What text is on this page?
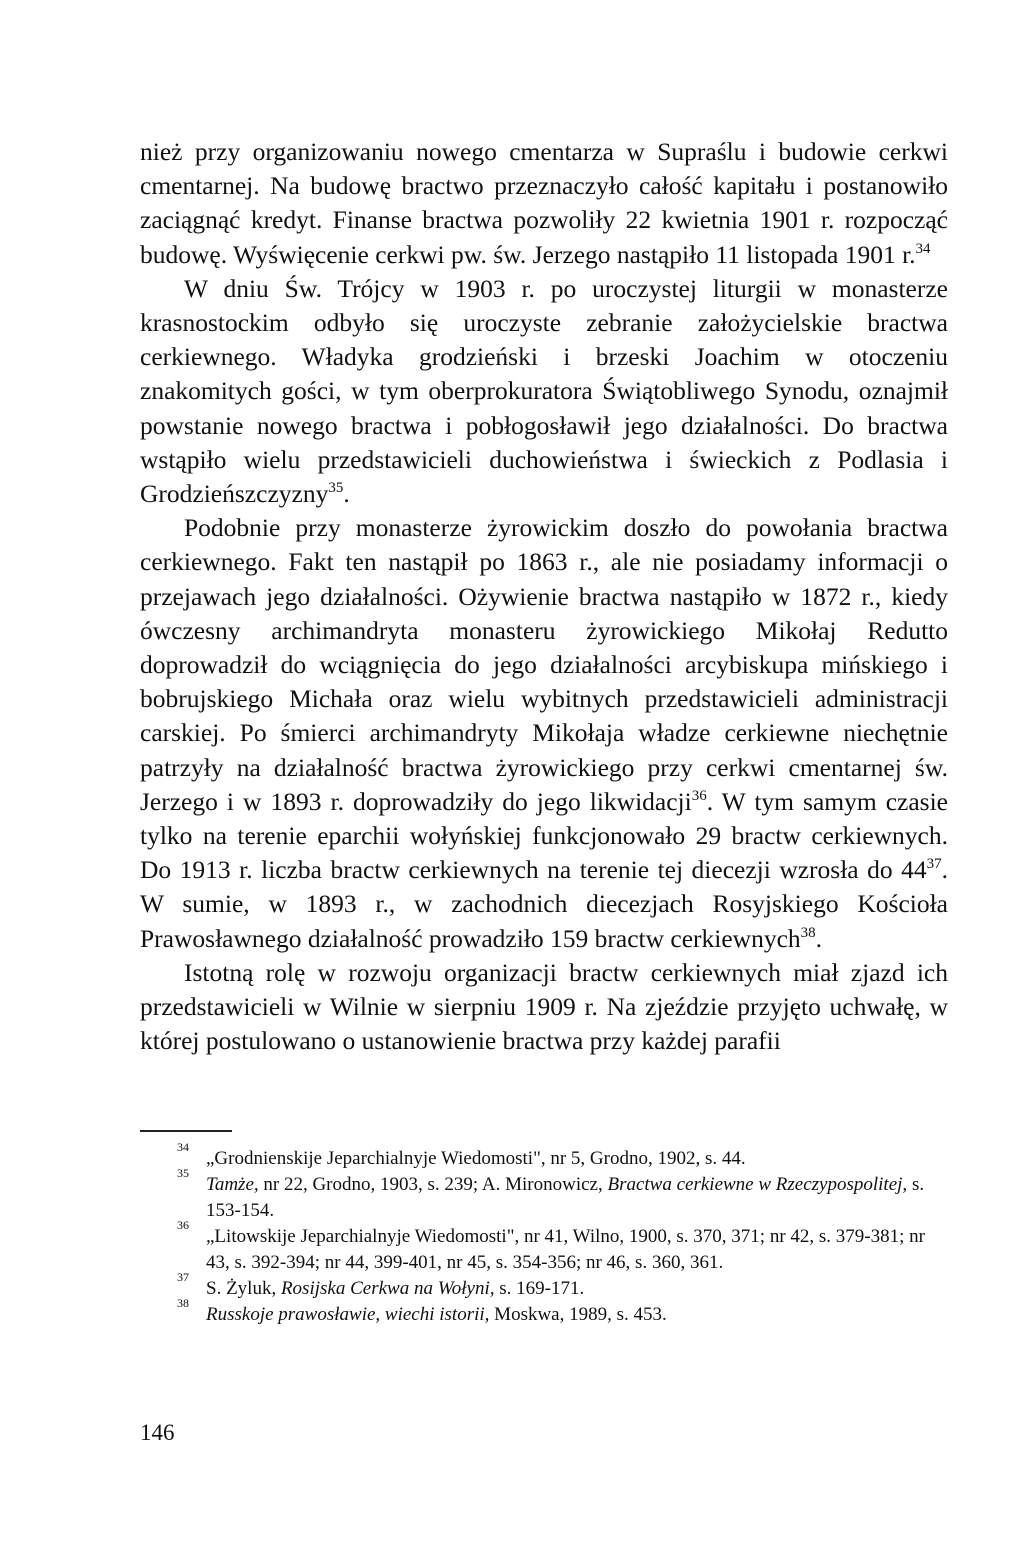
nież przy organizowaniu nowego cmentarza w Supraślu i budowie cerkwi cmentarnej. Na budowę bractwo przeznaczyło całość kapitału i postanowiło zaciągnąć kredyt. Finanse bractwa pozwoliły 22 kwietnia 1901 r. rozpocząć budowę. Wyświęcenie cerkwi pw. św. Jerzego nastąpiło 11 listopada 1901 r.$^{34}$

W dniu Św. Trójcy w 1903 r. po uroczystej liturgii w monasterze krasnostockim odbyło się uroczyste zebranie założycielskie bractwa cerkiewnego. Władyka grodzieński i brzeski Joachim w otoczeniu znakomitych gości, w tym oberprokuratora Świątobliwego Synodu, oznajmił powstanie nowego bractwa i pobłogosławił jego działalności. Do bractwa wstąpiło wielu przedstawicieli duchowieństwa i świeckich z Podlasia i Grodzieńszczyzny$^{35}$.

Podobnie przy monasterze żyrowickim doszło do powołania bractwa cerkiewnego. Fakt ten nastąpił po 1863 r., ale nie posiadamy informacji o przejawach jego działalności. Ożywienie bractwa nastąpiło w 1872 r., kiedy ówczesny archimandryta monasteru żyrowickiego Mikołaj Redutto doprowadził do wciągnięcia do jego działalności arcybiskupa mińskiego i bobrujskiego Michała oraz wielu wybitnych przedstawicieli administracji carskiej. Po śmierci archimandryty Mikołaja władze cerkiewne niechętnie patrzyły na działalność bractwa żyrowickiego przy cerkwi cmentarnej św. Jerzego i w 1893 r. doprowadziły do jego likwidacji$^{36}$. W tym samym czasie tylko na terenie eparchii wołyńskiej funkcjonowało 29 bractw cerkiewnych. Do 1913 r. liczba bractw cerkiewnych na terenie tej diecezji wzrosła do $44^{37}$. W sumie, w 1893 r., w zachodnich diecezjach Rosyjskiego Kościoła Prawosławnego działalność prowadziło 159 bractw cerkiewnych$^{38}$.

Istotną rolę w rozwoju organizacji bractw cerkiewnych miał zjazd ich przedstawicieli w Wilnie w sierpniu 1909 r. Na zjeździe przyjęto uchwałę, w której postulowano o ustanowienie bractwa przy każdej parafii

34
„Grodnienskije Jeparchialnyje Wiedomosti", nr 5, Grodno, 1902, s. 44.

35
Tamże, nr 22, Grodno, 1903, s. 239; A. Mironowicz, Bractwa cerkiewne w Rzeczypospolitej, s. 153-154.

36
„Litowskije Jeparchialnyje Wiedomosti", nr 41, Wilno, 1900, s. 370, 371; nr 42, s. 379-381; nr 43, s. 392-394; nr 44, 399-401, nr 45, s. 354-356; nr 46, s. 360, 361.

37
S. Żyluk, Rosijska Cerkwa na Wołyni, s. 169-171.

38
Russkoje prawosławie, wiechi istorii, Moskwa, 1989, s. 453.

146
